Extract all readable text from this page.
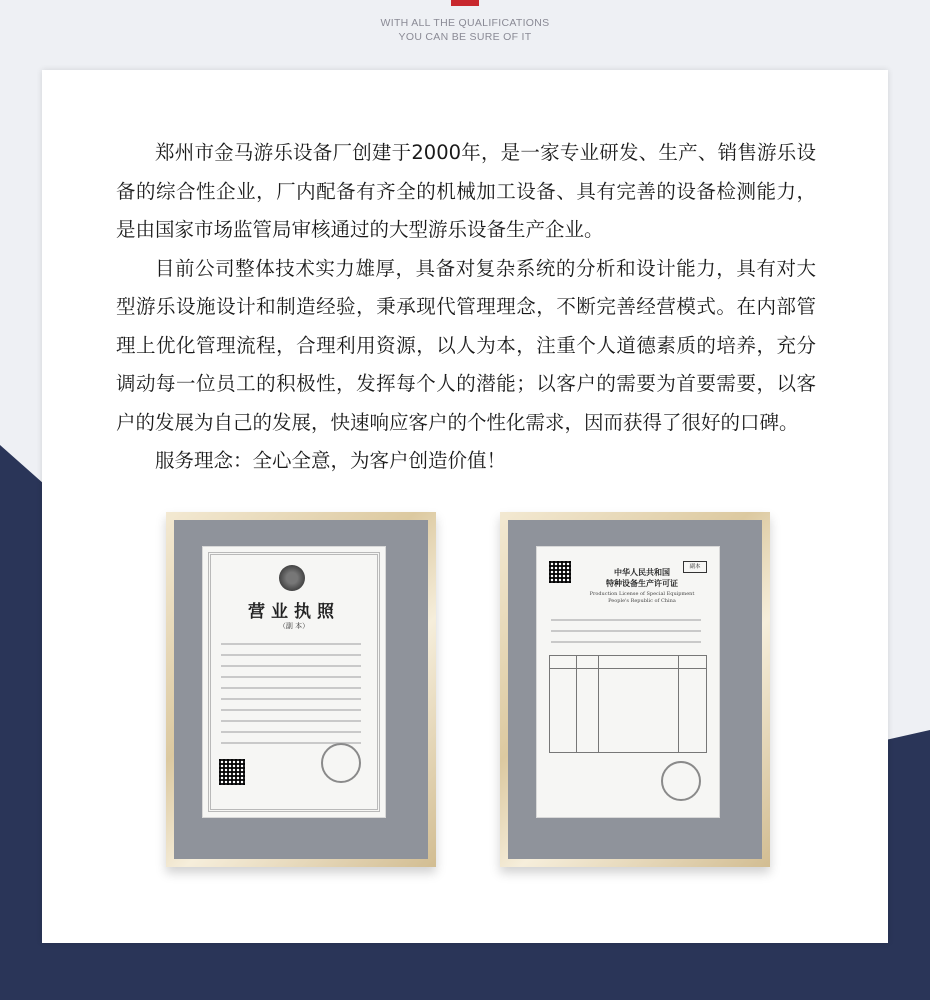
WITH ALL THE QUALIFICATIONS
YOU CAN BE SURE OF IT

郑州市金马游乐设备厂创建于2000年，是一家专业研发、生产、销售游乐设备的综合性企业，厂内配备有齐全的机械加工设备、具有完善的设备检测能力，是由国家市场监管局审核通过的大型游乐设备生产企业。

目前公司整体技术实力雄厚，具备对复杂系统的分析和设计能力，具有对大型游乐设施设计和制造经验，秉承现代管理理念，不断完善经营模式。在内部管理上优化管理流程，合理利用资源，以人为本，注重个人道德素质的培养，充分调动每一位员工的积极性，发挥每个人的潜能；以客户的需要为首要需要，以客户的发展为自己的发展，快速响应客户的个性化需求，因而获得了很好的口碑。

服务理念：全心全意，为客户创造价值！

营业执照
（副 本）
副本
中华人民共和国
特种设备生产许可证
Production License of Special Equipment
People's Republic of China
